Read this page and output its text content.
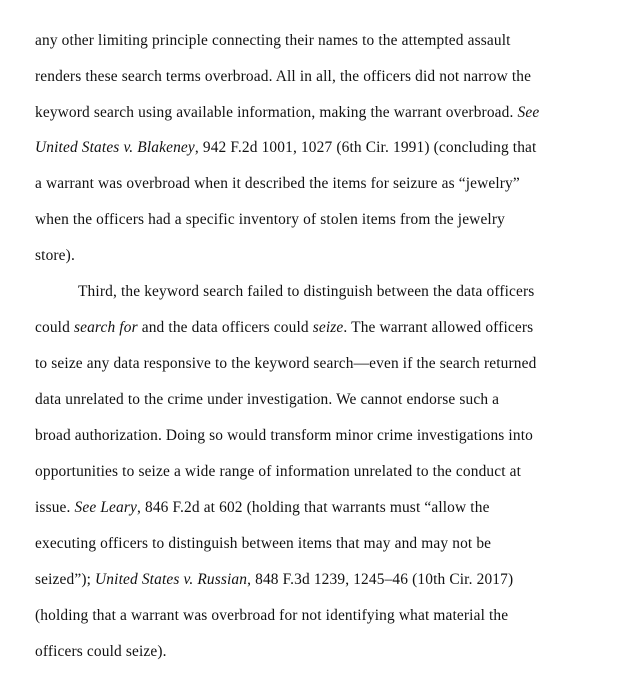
any other limiting principle connecting their names to the attempted assault
renders these search terms overbroad. All in all, the officers did not narrow the
keyword search using available information, making the warrant overbroad. See
United States v. Blakeney, 942 F.2d 1001, 1027 (6th Cir. 1991) (concluding that
a warrant was overbroad when it described the items for seizure as “jewelry”
when the officers had a specific inventory of stolen items from the jewelry
store).
Third, the keyword search failed to distinguish between the data officers
could search for and the data officers could seize. The warrant allowed officers
to seize any data responsive to the keyword search—even if the search returned
data unrelated to the crime under investigation. We cannot endorse such a
broad authorization. Doing so would transform minor crime investigations into
opportunities to seize a wide range of information unrelated to the conduct at
issue. See Leary, 846 F.2d at 602 (holding that warrants must “allow the
executing officers to distinguish between items that may and may not be
seized”); United States v. Russian, 848 F.3d 1239, 1245–46 (10th Cir. 2017)
(holding that a warrant was overbroad for not identifying what material the
officers could seize).
